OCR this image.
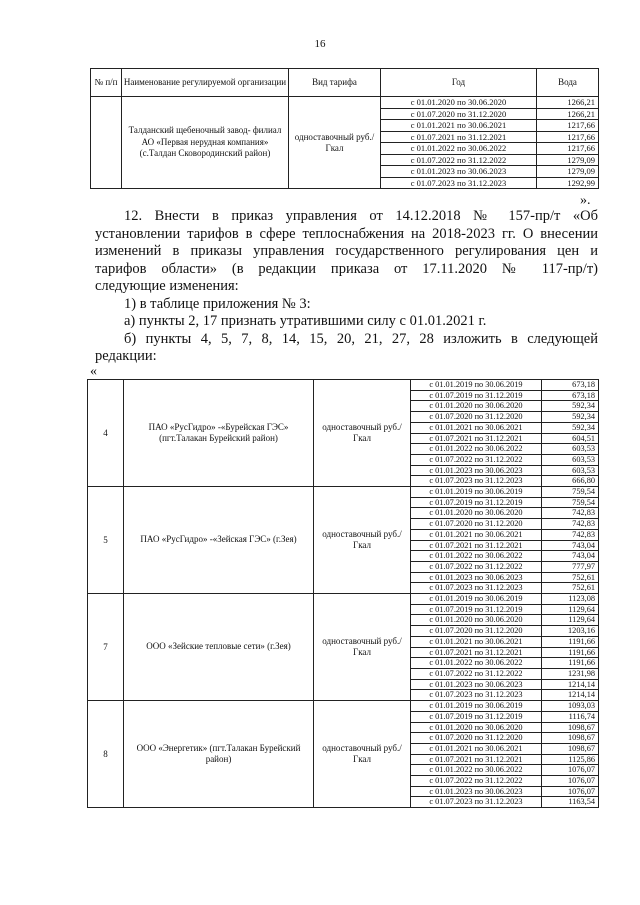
16
№ п/п	Наименование регулируемой организации	Вид тарифа	Год	Вода
	Талданский щебеночный завод- филиал АО «Первая нерудная компания» (с.Талдан Сковородинский район)	одноставочный руб./Гкал	с 01.01.2020 по 30.06.2020	1266,21
			с 01.07.2020 по 31.12.2020	1266,21
			с 01.01.2021 по 30.06.2021	1217,66
			с 01.07.2021 по 31.12.2021	1217,66
			с 01.01.2022 по 30.06.2022	1217,66
			с 01.07.2022 по 31.12.2022	1279,09
			с 01.01.2023 по 30.06.2023	1279,09
			с 01.07.2023 по 31.12.2023	1292,99
».

12. Внести в приказ управления от 14.12.2018 № 157-пр/т «Об

установлении тарифов в сфере теплоснабжения на 2018-2023 гг. О внесении

изменений в приказы управления государственного регулирования цен и

тарифов области» (в редакции приказа от 17.11.2020 № 117-пр/т)

следующие изменения:

1) в таблице приложения № 3:

а) пункты 2, 17 признать утратившими силу с 01.01.2021 г.

б) пункты 4, 5, 7, 8, 14, 15, 20, 21, 27, 28 изложить в следующей

редакции:

«
4	ПАО «РусГидро» -«Бурейская ГЭС» (пгт.Талакан Бурейский район)	одноставочный руб./Гкал	с 01.01.2019 по 30.06.2019	673,18
			с 01.07.2019 по 31.12.2019	673,18
			с 01.01.2020 по 30.06.2020	592,34
			с 01.07.2020 по 31.12.2020	592,34
			с 01.01.2021 по 30.06.2021	592,34
			с 01.07.2021 по 31.12.2021	604,51
			с 01.01.2022 по 30.06.2022	603,53
			с 01.07.2022 по 31.12.2022	603,53
			с 01.01.2023 по 30.06.2023	603,53
			с 01.07.2023 по 31.12.2023	666,80
5	ПАО «РусГидро» -«Зейская ГЭС» (г.Зея)	одноставочный руб./Гкал	с 01.01.2019 по 30.06.2019	759,54
			с 01.07.2019 по 31.12.2019	759,54
			с 01.01.2020 по 30.06.2020	742,83
			с 01.07.2020 по 31.12.2020	742,83
			с 01.01.2021 по 30.06.2021	742,83
			с 01.07.2021 по 31.12.2021	743,04
			с 01.01.2022 по 30.06.2022	743,04
			с 01.07.2022 по 31.12.2022	777,97
			с 01.01.2023 по 30.06.2023	752,61
			с 01.07.2023 по 31.12.2023	752,61
7	ООО «Зейские тепловые сети» (г.Зея)	одноставочный руб./Гкал	с 01.01.2019 по 30.06.2019	1123,08
			с 01.07.2019 по 31.12.2019	1129,64
			с 01.01.2020 по 30.06.2020	1129,64
			с 01.07.2020 по 31.12.2020	1203,16
			с 01.01.2021 по 30.06.2021	1191,66
			с 01.07.2021 по 31.12.2021	1191,66
			с 01.01.2022 по 30.06.2022	1191,66
			с 01.07.2022 по 31.12.2022	1231,98
			с 01.01.2023 по 30.06.2023	1214,14
			с 01.07.2023 по 31.12.2023	1214,14
8	ООО «Энергетик» (пгт.Талакан Бурейский район)	одноставочный руб./Гкал	с 01.01.2019 по 30.06.2019	1093,03
			с 01.07.2019 по 31.12.2019	1116,74
			с 01.01.2020 по 30.06.2020	1098,67
			с 01.07.2020 по 31.12.2020	1098,67
			с 01.01.2021 по 30.06.2021	1098,67
			с 01.07.2021 по 31.12.2021	1125,86
			с 01.01.2022 по 30.06.2022	1076,07
			с 01.07.2022 по 31.12.2022	1076,07
			с 01.01.2023 по 30.06.2023	1076,07
			с 01.07.2023 по 31.12.2023	1163,54
